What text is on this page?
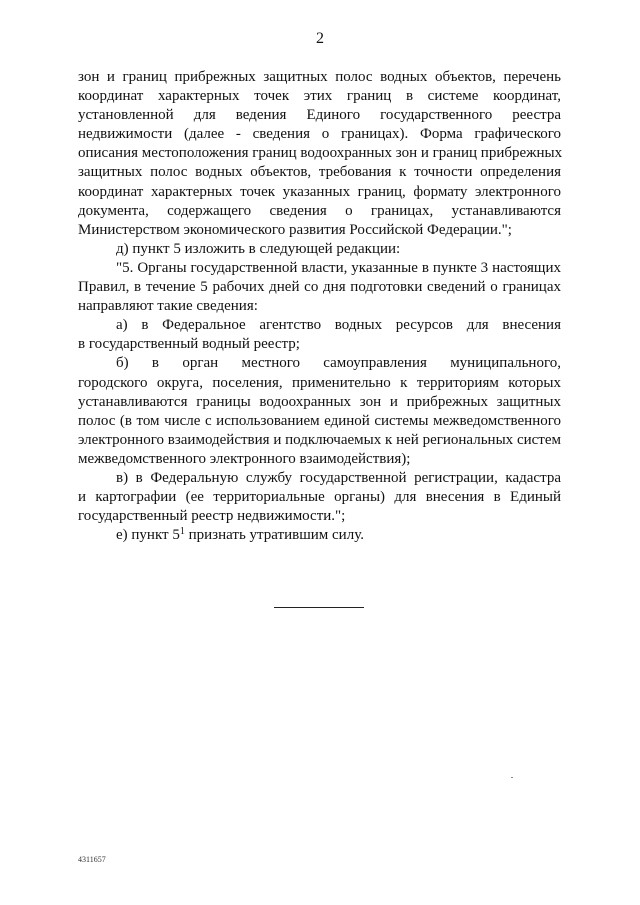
2
зон и границ прибрежных защитных полос водных объектов, перечень
координат характерных точек этих границ в системе координат,
установленной для ведения Единого государственного реестра
недвижимости (далее - сведения о границах). Форма графического
описания местоположения границ водоохранных зон и границ прибрежных
защитных полос водных объектов, требования к точности определения
координат характерных точек указанных границ, формату электронного
документа, содержащего сведения о границах, устанавливаются
Министерством экономического развития Российской Федерации.";
д) пункт 5 изложить в следующей редакции:
"5. Органы государственной власти, указанные в пункте 3 настоящих
Правил, в течение 5 рабочих дней со дня подготовки сведений о границах
направляют такие сведения:
а) в Федеральное агентство водных ресурсов для внесения
в государственный водный реестр;
б) в орган местного самоуправления муниципального,
городского округа, поселения, применительно к территориям которых
устанавливаются границы водоохранных зон и прибрежных защитных
полос (в том числе с использованием единой системы межведомственного
электронного взаимодействия и подключаемых к ней региональных систем
межведомственного электронного взаимодействия);
в) в Федеральную службу государственной регистрации, кадастра
и картографии (ее территориальные органы) для внесения в Единый
государственный реестр недвижимости.";
е) пункт $5^1$ признать утратившим силу.
4311657
